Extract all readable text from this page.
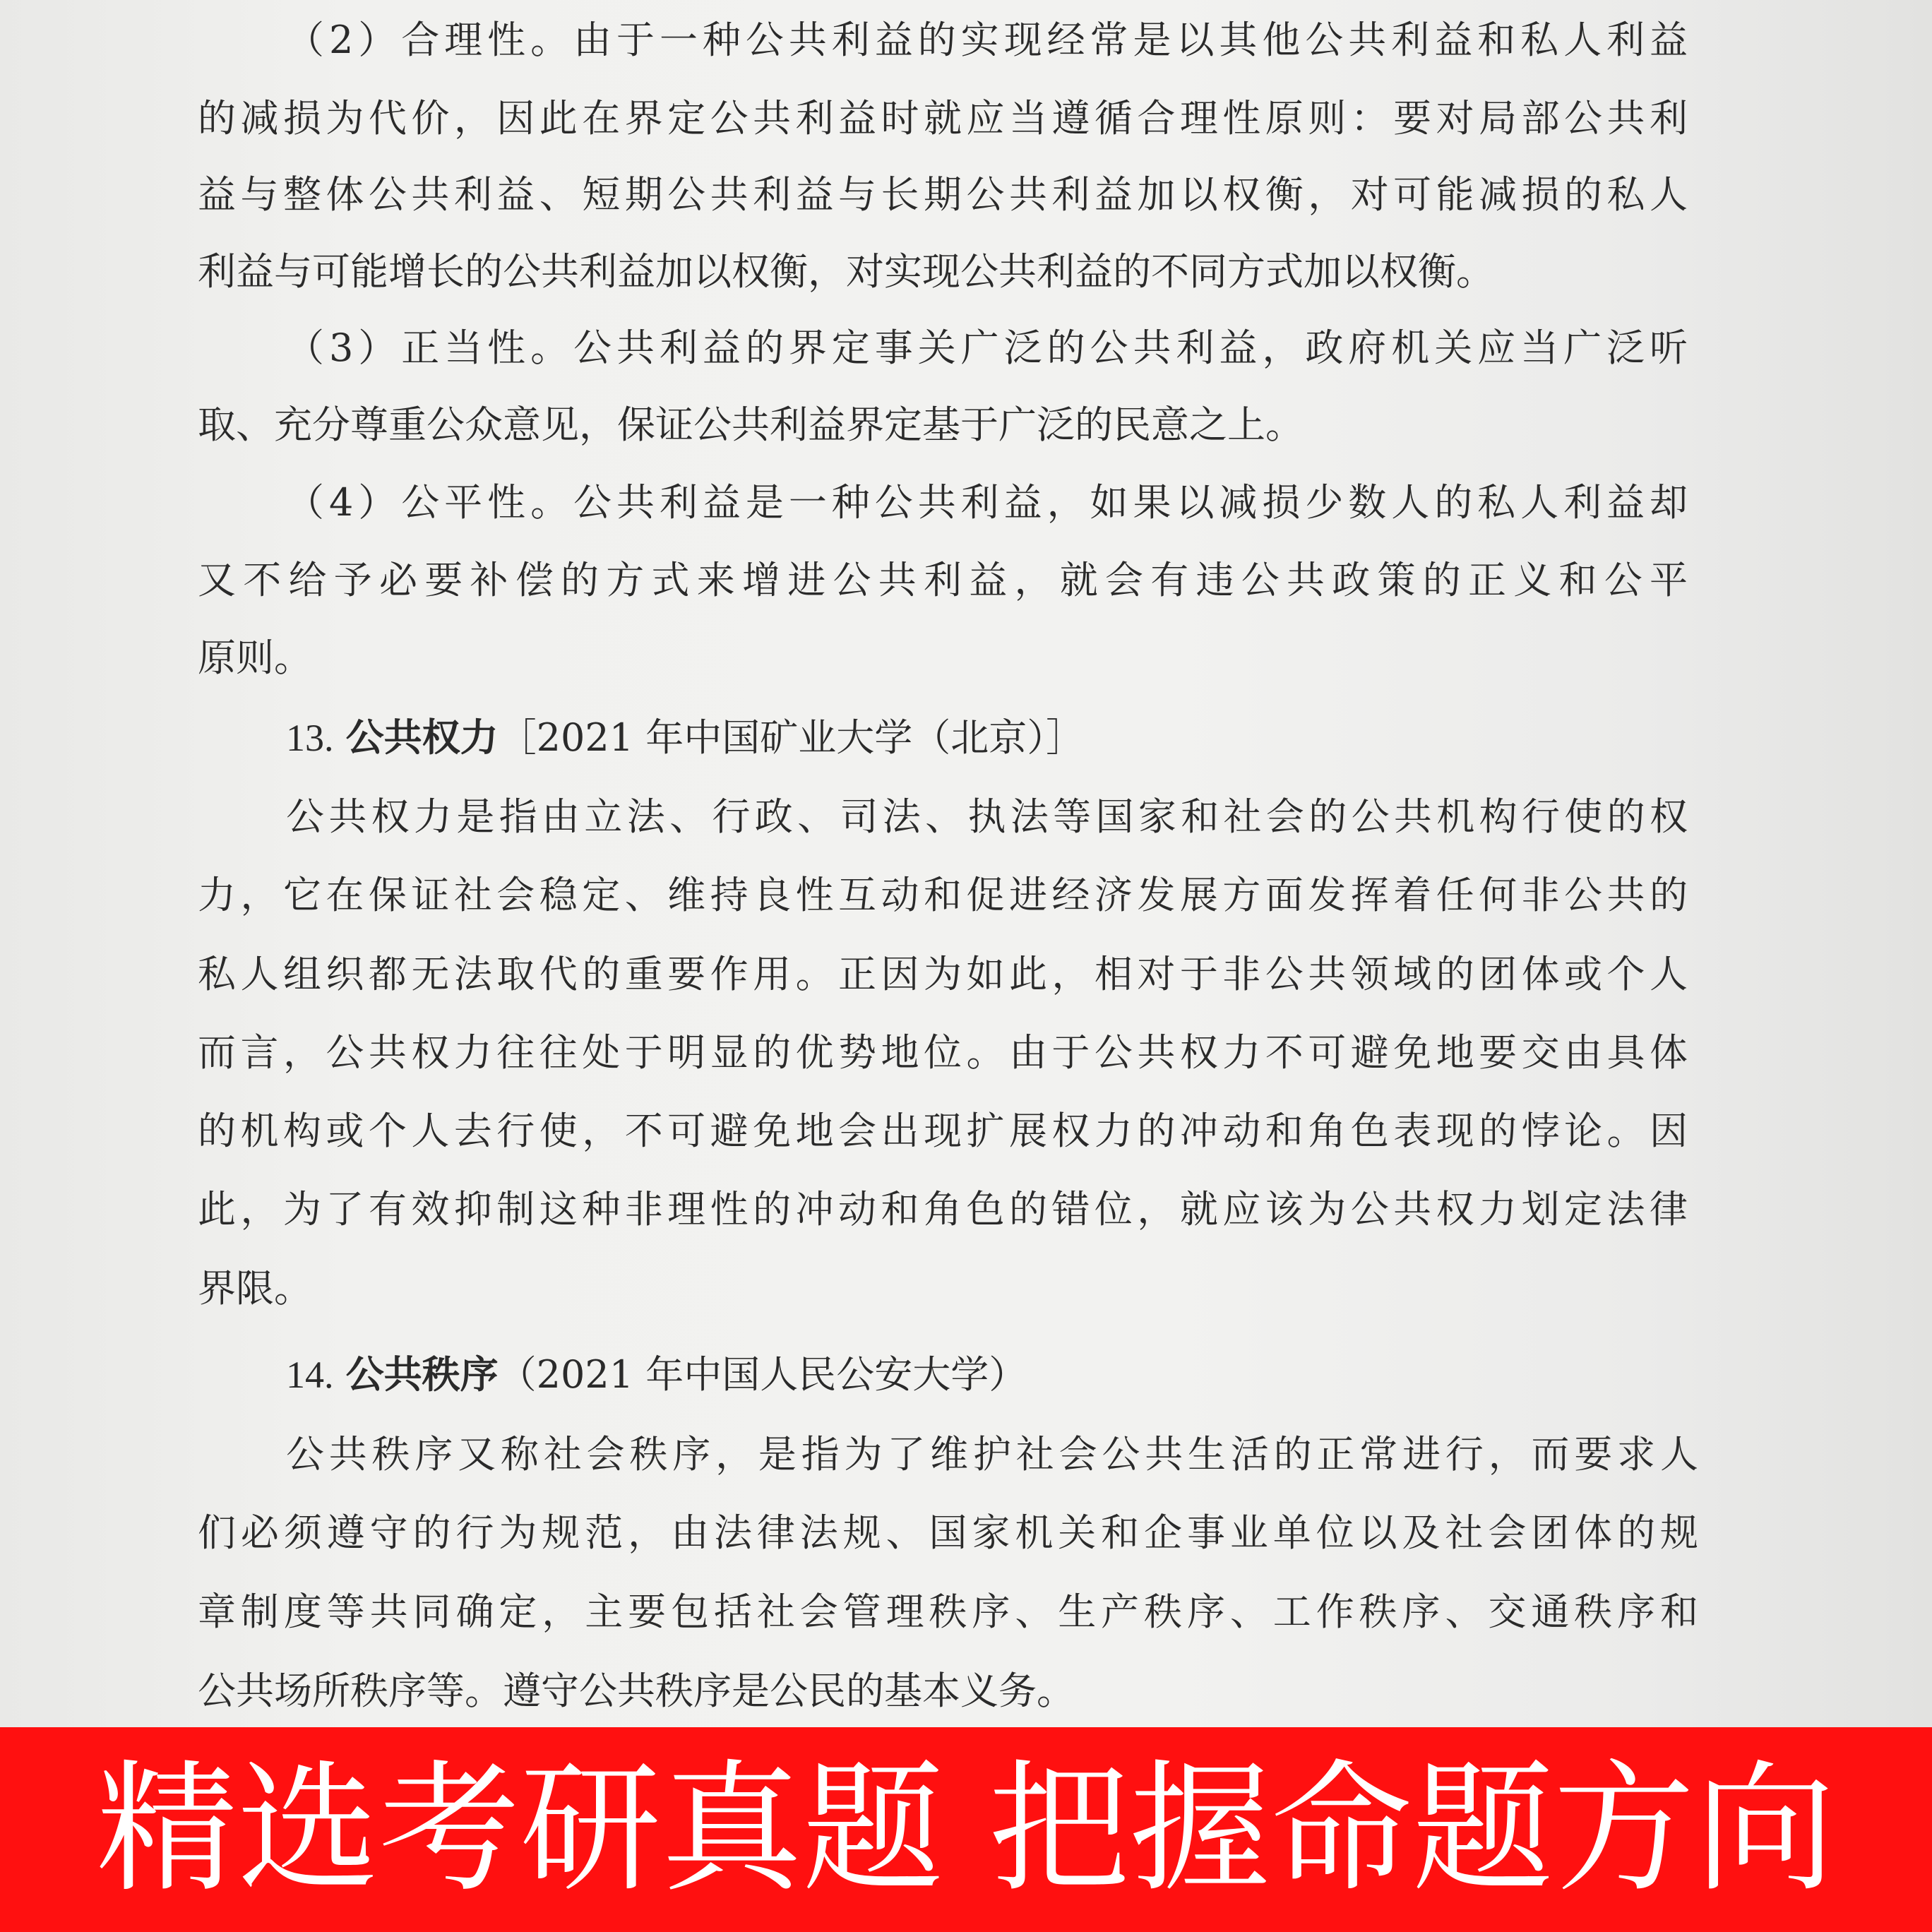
（2）合理性。由于一种公共利益的实现经常是以其他公共利益和私人利益
的减损为代价，因此在界定公共利益时就应当遵循合理性原则：要对局部公共利
益与整体公共利益、短期公共利益与长期公共利益加以权衡，对可能减损的私人
利益与可能增长的公共利益加以权衡，对实现公共利益的不同方式加以权衡。
（3）正当性。公共利益的界定事关广泛的公共利益，政府机关应当广泛听
取、充分尊重公众意见，保证公共利益界定基于广泛的民意之上。
（4）公平性。公共利益是一种公共利益，如果以减损少数人的私人利益却
又不给予必要补偿的方式来增进公共利益，就会有违公共政策的正义和公平
原则。
13. 公共权力［2021 年中国矿业大学（北京）］
公共权力是指由立法、行政、司法、执法等国家和社会的公共机构行使的权
力，它在保证社会稳定、维持良性互动和促进经济发展方面发挥着任何非公共的
私人组织都无法取代的重要作用。正因为如此，相对于非公共领域的团体或个人
而言，公共权力往往处于明显的优势地位。由于公共权力不可避免地要交由具体
的机构或个人去行使，不可避免地会出现扩展权力的冲动和角色表现的悖论。因
此，为了有效抑制这种非理性的冲动和角色的错位，就应该为公共权力划定法律
界限。
14. 公共秩序（2021 年中国人民公安大学）
公共秩序又称社会秩序，是指为了维护社会公共生活的正常进行，而要求人
们必须遵守的行为规范，由法律法规、国家机关和企事业单位以及社会团体的规
章制度等共同确定，主要包括社会管理秩序、生产秩序、工作秩序、交通秩序和
公共场所秩序等。遵守公共秩序是公民的基本义务。
精选考研真题 把握命题方向
